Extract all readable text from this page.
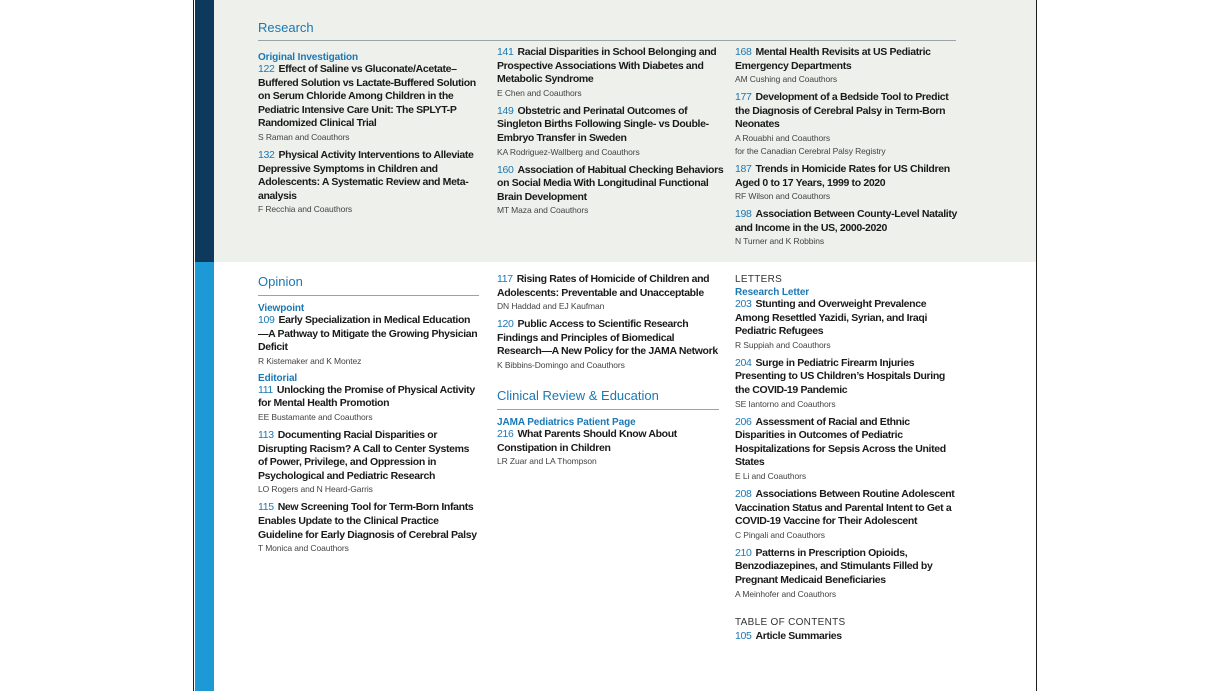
Research
Original Investigation
122 Effect of Saline vs Gluconate/Acetate–Buffered Solution vs Lactate-Buffered Solution on Serum Chloride Among Children in the Pediatric Intensive Care Unit: The SPLYT-P Randomized Clinical Trial
S Raman and Coauthors
132 Physical Activity Interventions to Alleviate Depressive Symptoms in Children and Adolescents: A Systematic Review and Meta-analysis
F Recchia and Coauthors
141 Racial Disparities in School Belonging and Prospective Associations With Diabetes and Metabolic Syndrome
E Chen and Coauthors
149 Obstetric and Perinatal Outcomes of Singleton Births Following Single- vs Double-Embryo Transfer in Sweden
KA Rodriguez-Wallberg and Coauthors
160 Association of Habitual Checking Behaviors on Social Media With Longitudinal Functional Brain Development
MT Maza and Coauthors
168 Mental Health Revisits at US Pediatric Emergency Departments
AM Cushing and Coauthors
177 Development of a Bedside Tool to Predict the Diagnosis of Cerebral Palsy in Term-Born Neonates
A Rouabhi and Coauthors
for the Canadian Cerebral Palsy Registry
187 Trends in Homicide Rates for US Children Aged 0 to 17 Years, 1999 to 2020
RF Wilson and Coauthors
198 Association Between County-Level Natality and Income in the US, 2000-2020
N Turner and K Robbins
Opinion
Viewpoint
109 Early Specialization in Medical Education—A Pathway to Mitigate the Growing Physician Deficit
R Kistemaker and K Montez
Editorial
111 Unlocking the Promise of Physical Activity for Mental Health Promotion
EE Bustamante and Coauthors
113 Documenting Racial Disparities or Disrupting Racism? A Call to Center Systems of Power, Privilege, and Oppression in Psychological and Pediatric Research
LO Rogers and N Heard-Garris
115 New Screening Tool for Term-Born Infants Enables Update to the Clinical Practice Guideline for Early Diagnosis of Cerebral Palsy
T Monica and Coauthors
117 Rising Rates of Homicide of Children and Adolescents: Preventable and Unacceptable
DN Haddad and EJ Kaufman
120 Public Access to Scientific Research Findings and Principles of Biomedical Research—A New Policy for the JAMA Network
K Bibbins-Domingo and Coauthors
Clinical Review & Education
JAMA Pediatrics Patient Page
216 What Parents Should Know About Constipation in Children
LR Zuar and LA Thompson
LETTERS
Research Letter
203 Stunting and Overweight Prevalence Among Resettled Yazidi, Syrian, and Iraqi Pediatric Refugees
R Suppiah and Coauthors
204 Surge in Pediatric Firearm Injuries Presenting to US Children’s Hospitals During the COVID-19 Pandemic
SE Iantorno and Coauthors
206 Assessment of Racial and Ethnic Disparities in Outcomes of Pediatric Hospitalizations for Sepsis Across the United States
E Li and Coauthors
208 Associations Between Routine Adolescent Vaccination Status and Parental Intent to Get a COVID-19 Vaccine for Their Adolescent
C Pingali and Coauthors
210 Patterns in Prescription Opioids, Benzodiazepines, and Stimulants Filled by Pregnant Medicaid Beneficiaries
A Meinhofer and Coauthors
TABLE OF CONTENTS
105 Article Summaries
